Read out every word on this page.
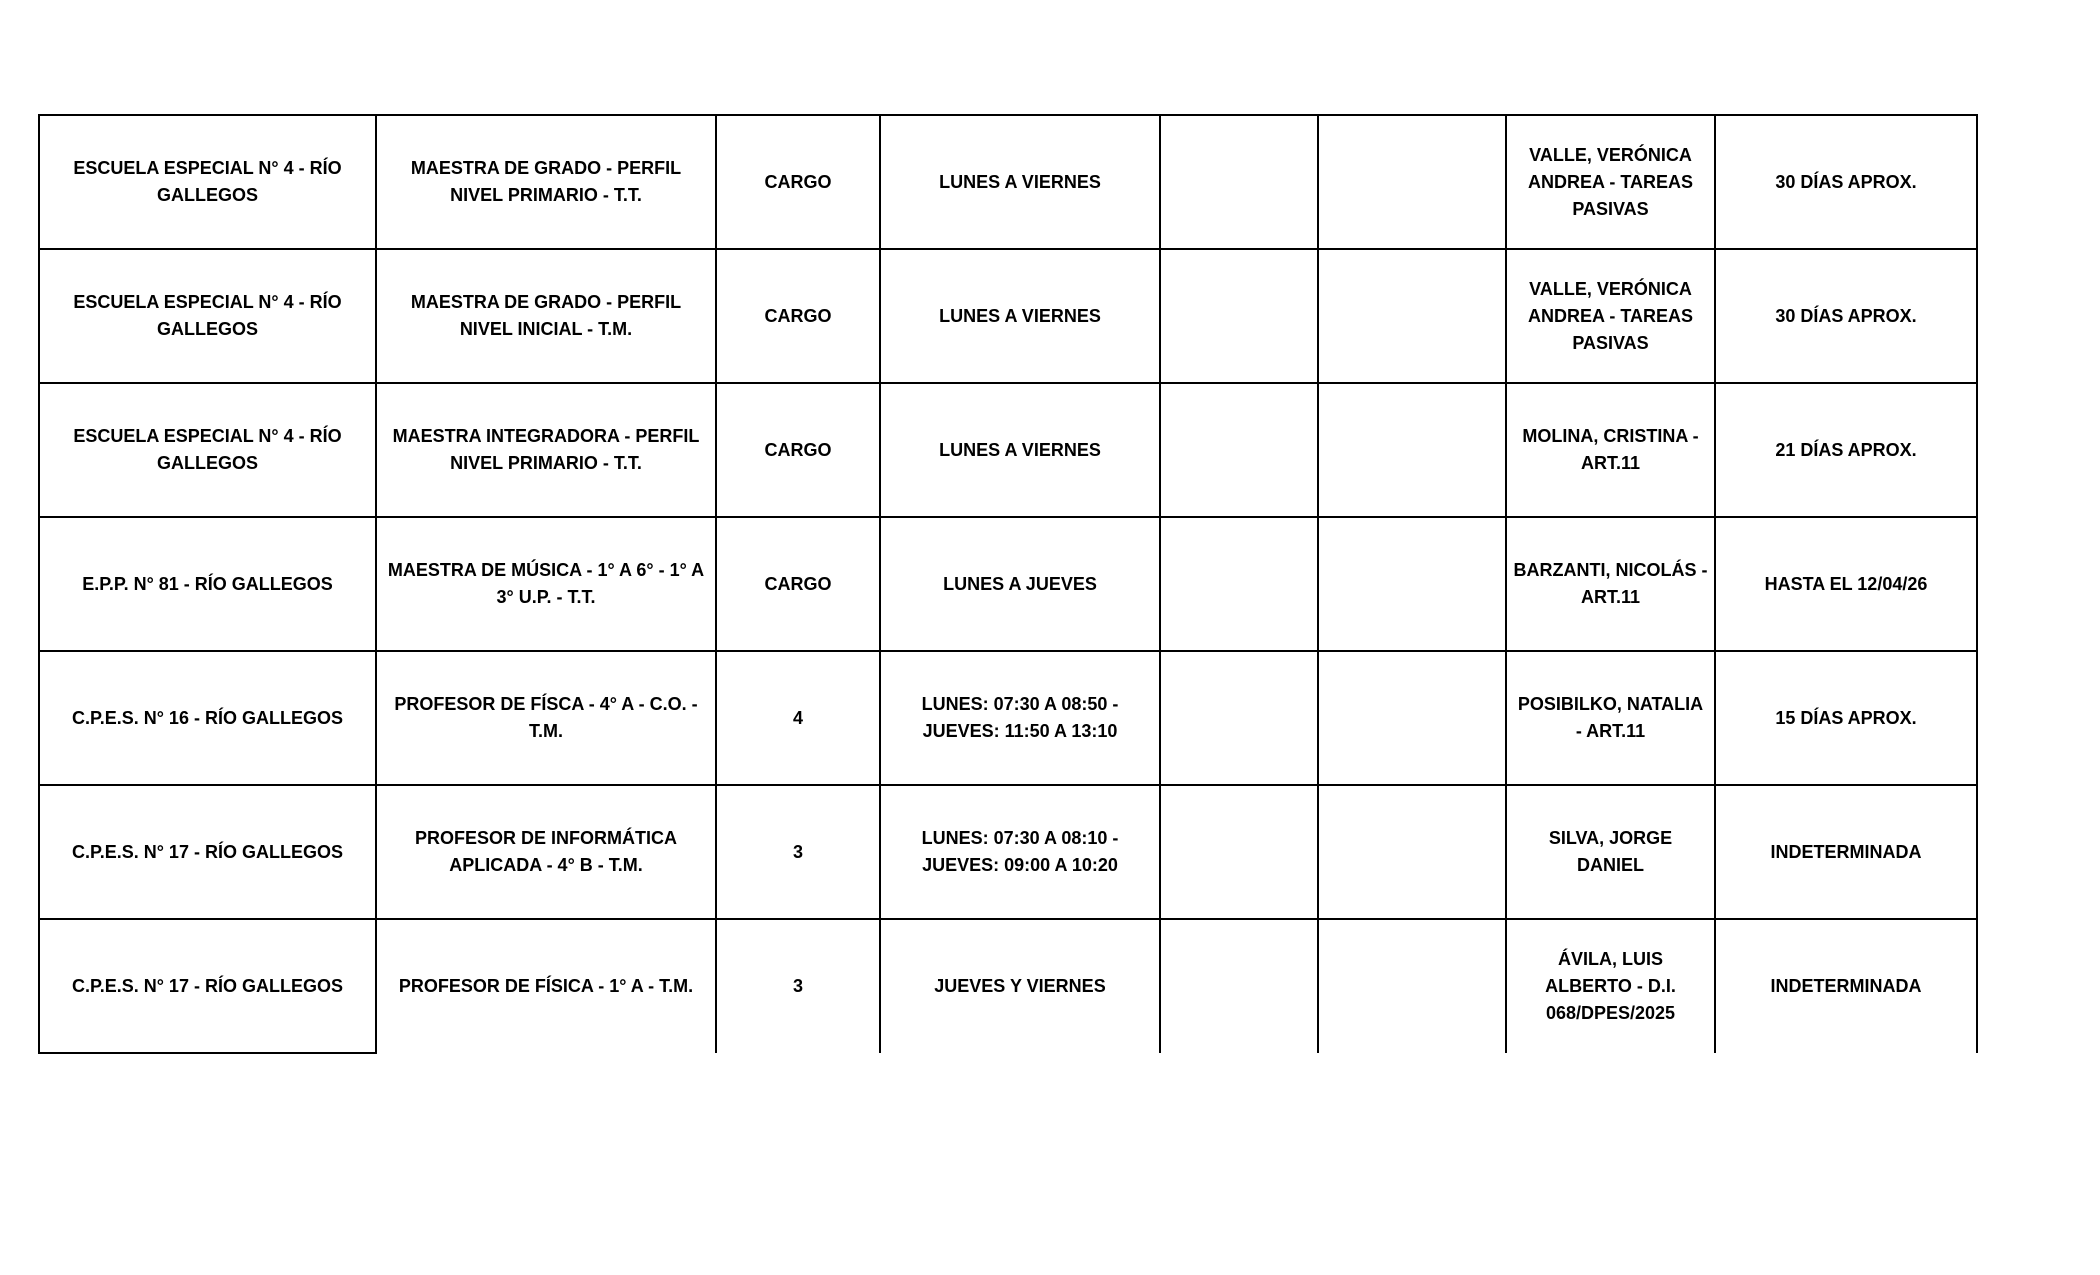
ESCUELA ESPECIAL N° 4 - RÍO GALLEGOS	MAESTRA DE GRADO - PERFIL NIVEL PRIMARIO - T.T.	CARGO	LUNES A VIERNES			VALLE, VERÓNICA ANDREA - TAREAS PASIVAS	30 DÍAS APROX.
ESCUELA ESPECIAL N° 4 - RÍO GALLEGOS	MAESTRA DE GRADO - PERFIL NIVEL INICIAL - T.M.	CARGO	LUNES A VIERNES			VALLE, VERÓNICA ANDREA - TAREAS PASIVAS	30 DÍAS APROX.
ESCUELA ESPECIAL N° 4 - RÍO GALLEGOS	MAESTRA INTEGRADORA - PERFIL NIVEL PRIMARIO - T.T.	CARGO	LUNES A VIERNES			MOLINA, CRISTINA - ART.11	21 DÍAS APROX.
E.P.P. N° 81 - RÍO GALLEGOS	MAESTRA DE MÚSICA - 1° A 6° - 1° A 3° U.P. - T.T.	CARGO	LUNES A JUEVES			BARZANTI, NICOLÁS - ART.11	HASTA EL 12/04/26
C.P.E.S. N° 16 - RÍO GALLEGOS	PROFESOR DE FÍSCA - 4° A - C.O. - T.M.	4	LUNES: 07:30 A 08:50 - JUEVES: 11:50 A 13:10			POSIBILKO, NATALIA - ART.11	15 DÍAS APROX.
C.P.E.S. N° 17 - RÍO GALLEGOS	PROFESOR DE INFORMÁTICA APLICADA - 4° B - T.M.	3	LUNES: 07:30 A 08:10 - JUEVES: 09:00 A 10:20			SILVA, JORGE DANIEL	INDETERMINADA
C.P.E.S. N° 17 - RÍO GALLEGOS	PROFESOR DE FÍSICA - 1° A - T.M.	3	JUEVES Y VIERNES			ÁVILA, LUIS ALBERTO - D.I. 068/DPES/2025	INDETERMINADA
